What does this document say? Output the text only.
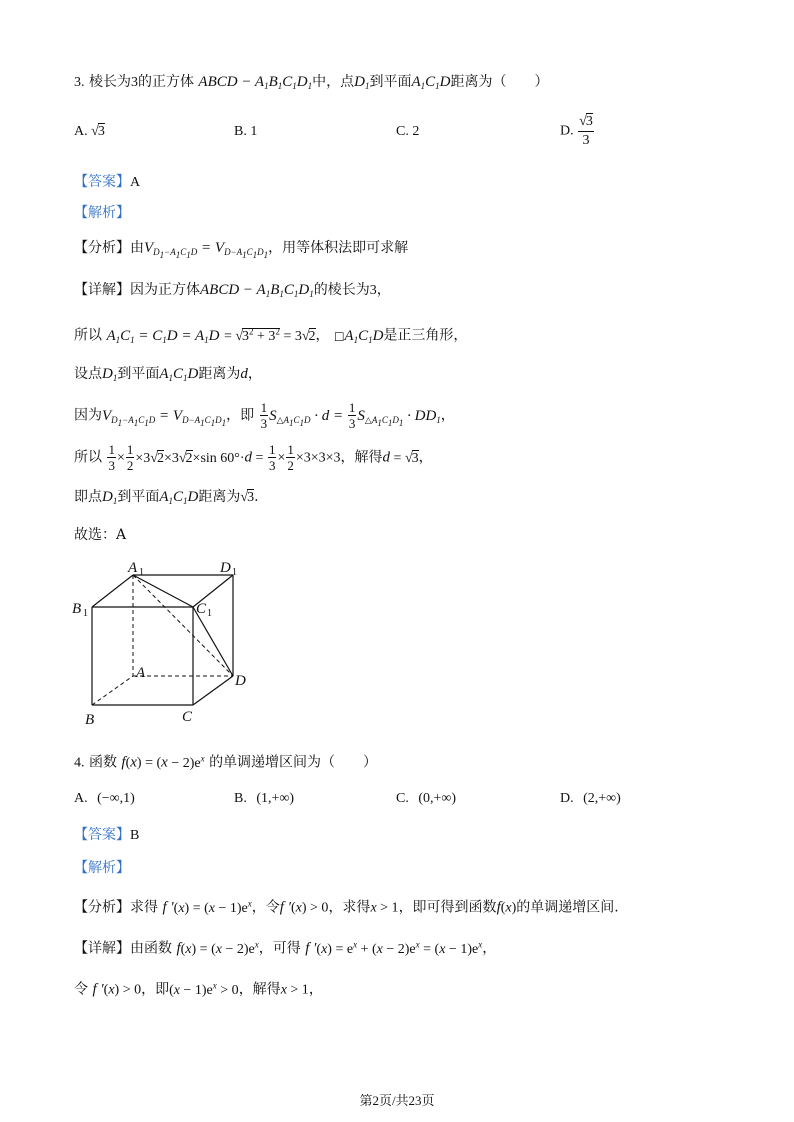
3. 棱长为3的正方体 ABCD − $A_1B_1C_1D_1$中，点$D_1$到平面$A_1C_1D$距离为（　　）
A. √3	B. 1	C. 2	D. $\frac{√3}{3}$
【答案】A
【解析】
【分析】由$V_{D_1-A_1C_1D} = V_{D-A_1C_1D_1}$，用等体积法即可求解
【详解】因为正方体ABCD − $A_1B_1C_1D_1$的棱长为3，
所以 $A_1C_1 = C_1D = A_1D = √3^2 + 3^2 = 3√2$， $□A_1C_1D$是正三角形，
设点$D_1$到平面$A_1C_1D$距离为d，
因为$V_{D_1-A_1C_1D} = V_{D-A_1C_1D_1}$，即 $\frac{1}{3} S_{\triangle A_1C_1D} \cdot d = \frac{1}{3} S_{\triangle A_1C_1D_1} \cdot DD_1$，
所以 $\frac{1}{3} \times \frac{1}{2} \times 3√2\times 3√2\times\sin$ $60^\circ\cdot d = \frac{1}{3} \times \frac{1}{2} \times 3\times 3\times 3$，解得d = √3，
即点$D_1$到平面$A_1C_1D$距离为√3.
故选：A
A 1	D 1
B 1	C 1
A	D
B	C
4. 函数 $f(x) = (x - 2)e^x$ 的单调递增区间为（　　）
A. (−∞,1)	B. (1,+∞)	C. (0,+∞)	D. (2,+∞)
【答案】B
【解析】
【分析】求得 f $'(x) = (x - 1)e^x$，令f ′(x) > 0，求得x > 1，即可得到函数f(x)的单调递增区间.
【详解】由函数 $f(x) = (x - 2)e^x$，可得 f $'(x) = e^x + (x - 2)e^x = (x - 1)e^x$，
令 f ′(x) > 0，即$(x - 1)e^x > 0$，解得x > 1，
第2页/共23页
